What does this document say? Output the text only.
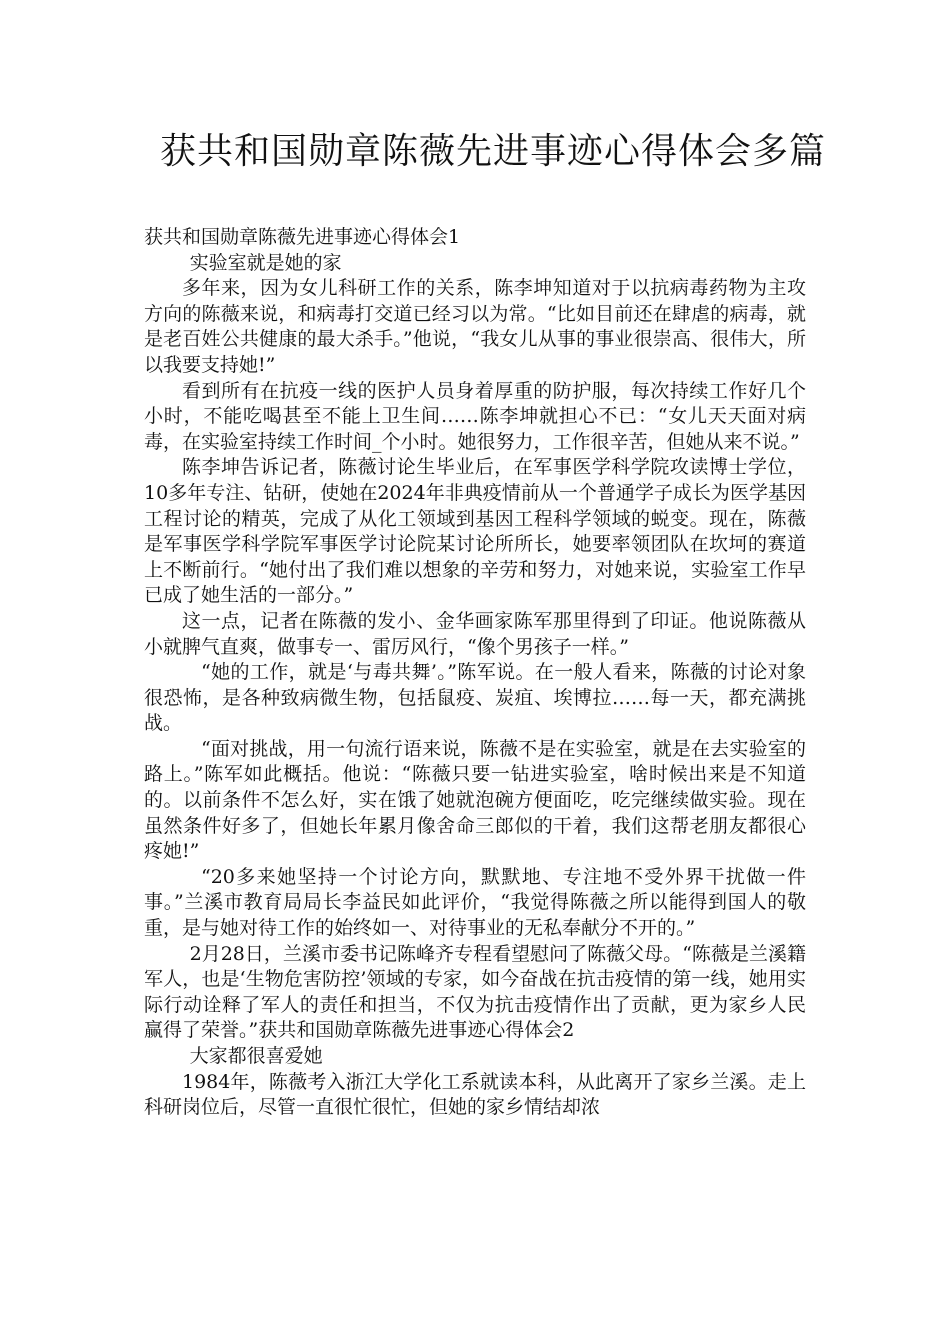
获共和国勋章陈薇先进事迹心得体会多篇

获共和国勋章陈薇先进事迹心得体会1

实验室就是她的家

多年来，因为女儿科研工作的关系，陈李坤知道对于以抗病毒药物为主攻方向的陈薇来说，和病毒打交道已经习以为常。“比如目前还在肆虐的病毒，就是老百姓公共健康的最大杀手。”他说，“我女儿从事的事业很崇高、很伟大，所以我要支持她!”

看到所有在抗疫一线的医护人员身着厚重的防护服，每次持续工作好几个小时，不能吃喝甚至不能上卫生间……陈李坤就担心不已：“女儿天天面对病毒，在实验室持续工作时间_个小时。她很努力，工作很辛苦，但她从来不说。”

陈李坤告诉记者，陈薇讨论生毕业后，在军事医学科学院攻读博士学位，10多年专注、钻研，使她在2024年非典疫情前从一个普通学子成长为医学基因工程讨论的精英，完成了从化工领域到基因工程科学领域的蜕变。现在，陈薇是军事医学科学院军事医学讨论院某讨论所所长，她要率领团队在坎坷的赛道上不断前行。“她付出了我们难以想象的辛劳和努力，对她来说，实验室工作早已成了她生活的一部分。”

这一点，记者在陈薇的发小、金华画家陈军那里得到了印证。他说陈薇从小就脾气直爽，做事专一、雷厉风行，“像个男孩子一样。”

“她的工作，就是‘与毒共舞’。”陈军说。在一般人看来，陈薇的讨论对象很恐怖，是各种致病微生物，包括鼠疫、炭疽、埃博拉……每一天，都充满挑战。

“面对挑战，用一句流行语来说，陈薇不是在实验室，就是在去实验室的路上。”陈军如此概括。他说：“陈薇只要一钻进实验室，啥时候出来是不知道的。以前条件不怎么好，实在饿了她就泡碗方便面吃，吃完继续做实验。现在虽然条件好多了，但她长年累月像舍命三郎似的干着，我们这帮老朋友都很心疼她!”

“20多来她坚持一个讨论方向，默默地、专注地不受外界干扰做一件事。”兰溪市教育局局长李益民如此评价，“我觉得陈薇之所以能得到国人的敬重，是与她对待工作的始终如一、对待事业的无私奉献分不开的。”

2月28日，兰溪市委书记陈峰齐专程看望慰问了陈薇父母。“陈薇是兰溪籍军人，也是‘生物危害防控’领域的专家，如今奋战在抗击疫情的第一线，她用实际行动诠释了军人的责任和担当，不仅为抗击疫情作出了贡献，更为家乡人民赢得了荣誉。”获共和国勋章陈薇先进事迹心得体会2

大家都很喜爱她

1984年，陈薇考入浙江大学化工系就读本科，从此离开了家乡兰溪。走上科研岗位后，尽管一直很忙很忙，但她的家乡情结却浓
